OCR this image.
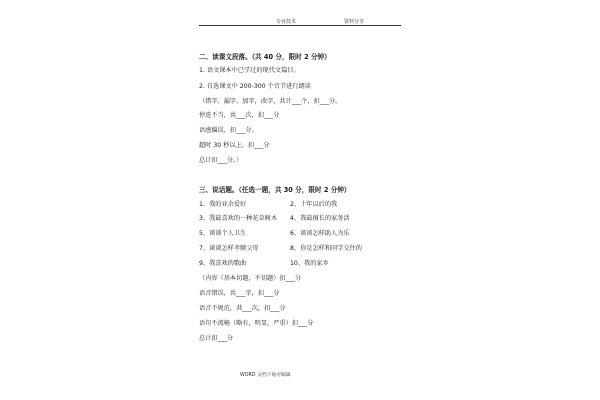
专业技术	资料分享
二、读课文段落。（共 40 分，限时 2 分钟）
1. 语文课本中已学过的现代文篇目。
2. 自选课文中 200-300 个音节进行朗读
（错字、漏字、加字，改字，共计___个，扣___分。
停连不当，共___次，扣___分
语感偏误，扣___分。
超时 30 秒以上，扣___分
总计扣___分。）
三、说话题。（任选一题，共 30 分，限时 2 分钟）
1、我的业余爱好	2、十年以后的我
3、我最喜欢的一种花草树木 4、我最擅长的家务活
5、谈谈个人卫生	6、谈谈怎样助人为乐
7、谈谈怎样孝顺父母	8、你是怎样和同学交往的
9、我喜欢的歌曲	10、我的家乡
（内容（基本切题，不切题）扣___分
语音错误，共___字，扣___分
语音不规范，共___次，扣___分
语句不流畅（略有，明显，严重）扣___分
总计扣___分
WORD 文档下载可编辑
